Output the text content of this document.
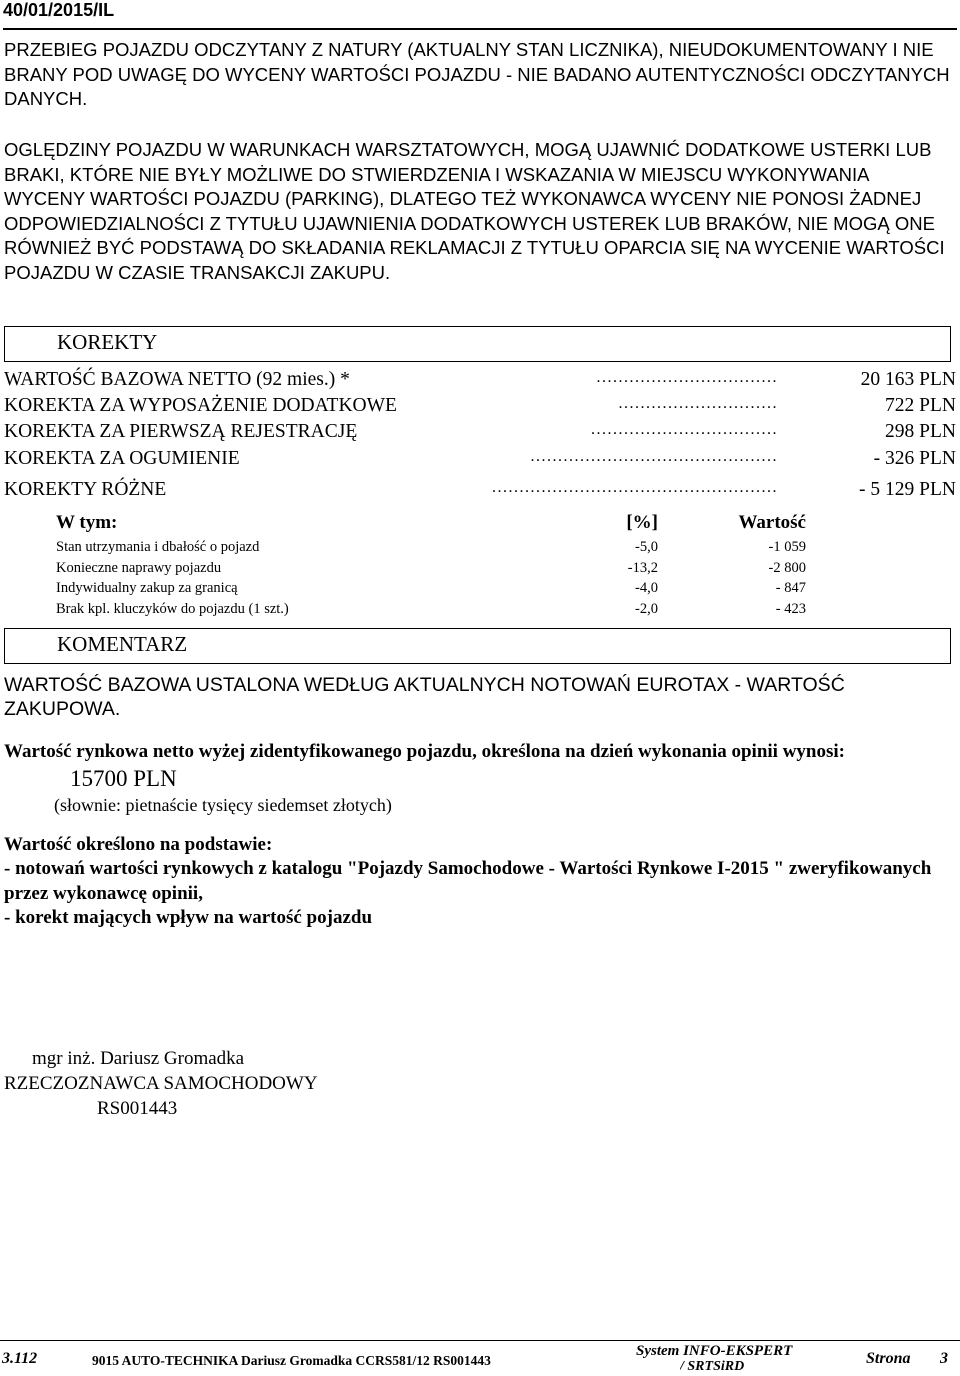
40/01/2015/IL
PRZEBIEG POJAZDU ODCZYTANY Z NATURY (AKTUALNY STAN LICZNIKA), NIEUDOKUMENTOWANY I NIE BRANY POD UWAGĘ DO WYCENY WARTOŚCI POJAZDU - NIE BADANO AUTENTYCZNOŚCI ODCZYTANYCH DANYCH.
OGLĘDZINY POJAZDU W WARUNKACH WARSZTATOWYCH, MOGĄ UJAWNIĆ DODATKOWE USTERKI LUB BRAKI, KTÓRE NIE BYŁY MOŻLIWE DO STWIERDZENIA I WSKAZANIA W MIEJSCU WYKONYWANIA WYCENY WARTOŚCI POJAZDU (PARKING), DLATEGO TEŻ WYKONAWCA WYCENY NIE PONOSI ŻADNEJ ODPOWIEDZIALNOŚCI Z TYTUŁU UJAWNIENIA DODATKOWYCH USTEREK LUB BRAKÓW, NIE MOGĄ ONE RÓWNIEŻ BYĆ PODSTAWĄ DO SKŁADANIA REKLAMACJI Z TYTUŁU OPARCIA SIĘ NA WYCENIE WARTOŚCI POJAZDU W CZASIE TRANSAKCJI ZAKUPU.
KOREKTY
WARTOŚĆ BAZOWA NETTO (92 mies.) *	.................................	20 163 PLN
KOREKTA ZA WYPOSAŻENIE DODATKOWE	.............................	722 PLN
KOREKTA ZA PIERWSZĄ REJESTRACJĘ	..................................	298 PLN
KOREKTA ZA OGUMIENIE	.............................................	- 326 PLN
KOREKTY RÓŻNE	....................................................	- 5 129 PLN
W tym:	[%]	Wartość
Stan utrzymania i dbałość o pojazd	-5,0	-1 059
Konieczne naprawy pojazdu	-13,2	-2 800
Indywidualny zakup za granicą	-4,0	- 847
Brak kpl. kluczyków do pojazdu (1 szt.)	-2,0	- 423
KOMENTARZ
WARTOŚĆ BAZOWA USTALONA WEDŁUG AKTUALNYCH NOTOWAŃ EUROTAX - WARTOŚĆ ZAKUPOWA.
Wartość rynkowa netto wyżej zidentyfikowanego pojazdu, określona na dzień wykonania opinii wynosi:
15700 PLN
(słownie: pietnaście tysięcy siedemset złotych)
Wartość określono na podstawie:
- notowań wartości rynkowych z katalogu "Pojazdy Samochodowe - Wartości Rynkowe I-2015 " zweryfikowanych przez wykonawcę opinii,
- korekt mających wpływ na wartość pojazdu
mgr inż. Dariusz Gromadka
RZECZOZNAWCA SAMOCHODOWY
RS001443
3.112	9015 AUTO-TECHNIKA Dariusz Gromadka CCRS581/12 RS001443
System INFO-EKSPERT
/ SRTSiRD	Strona 3
